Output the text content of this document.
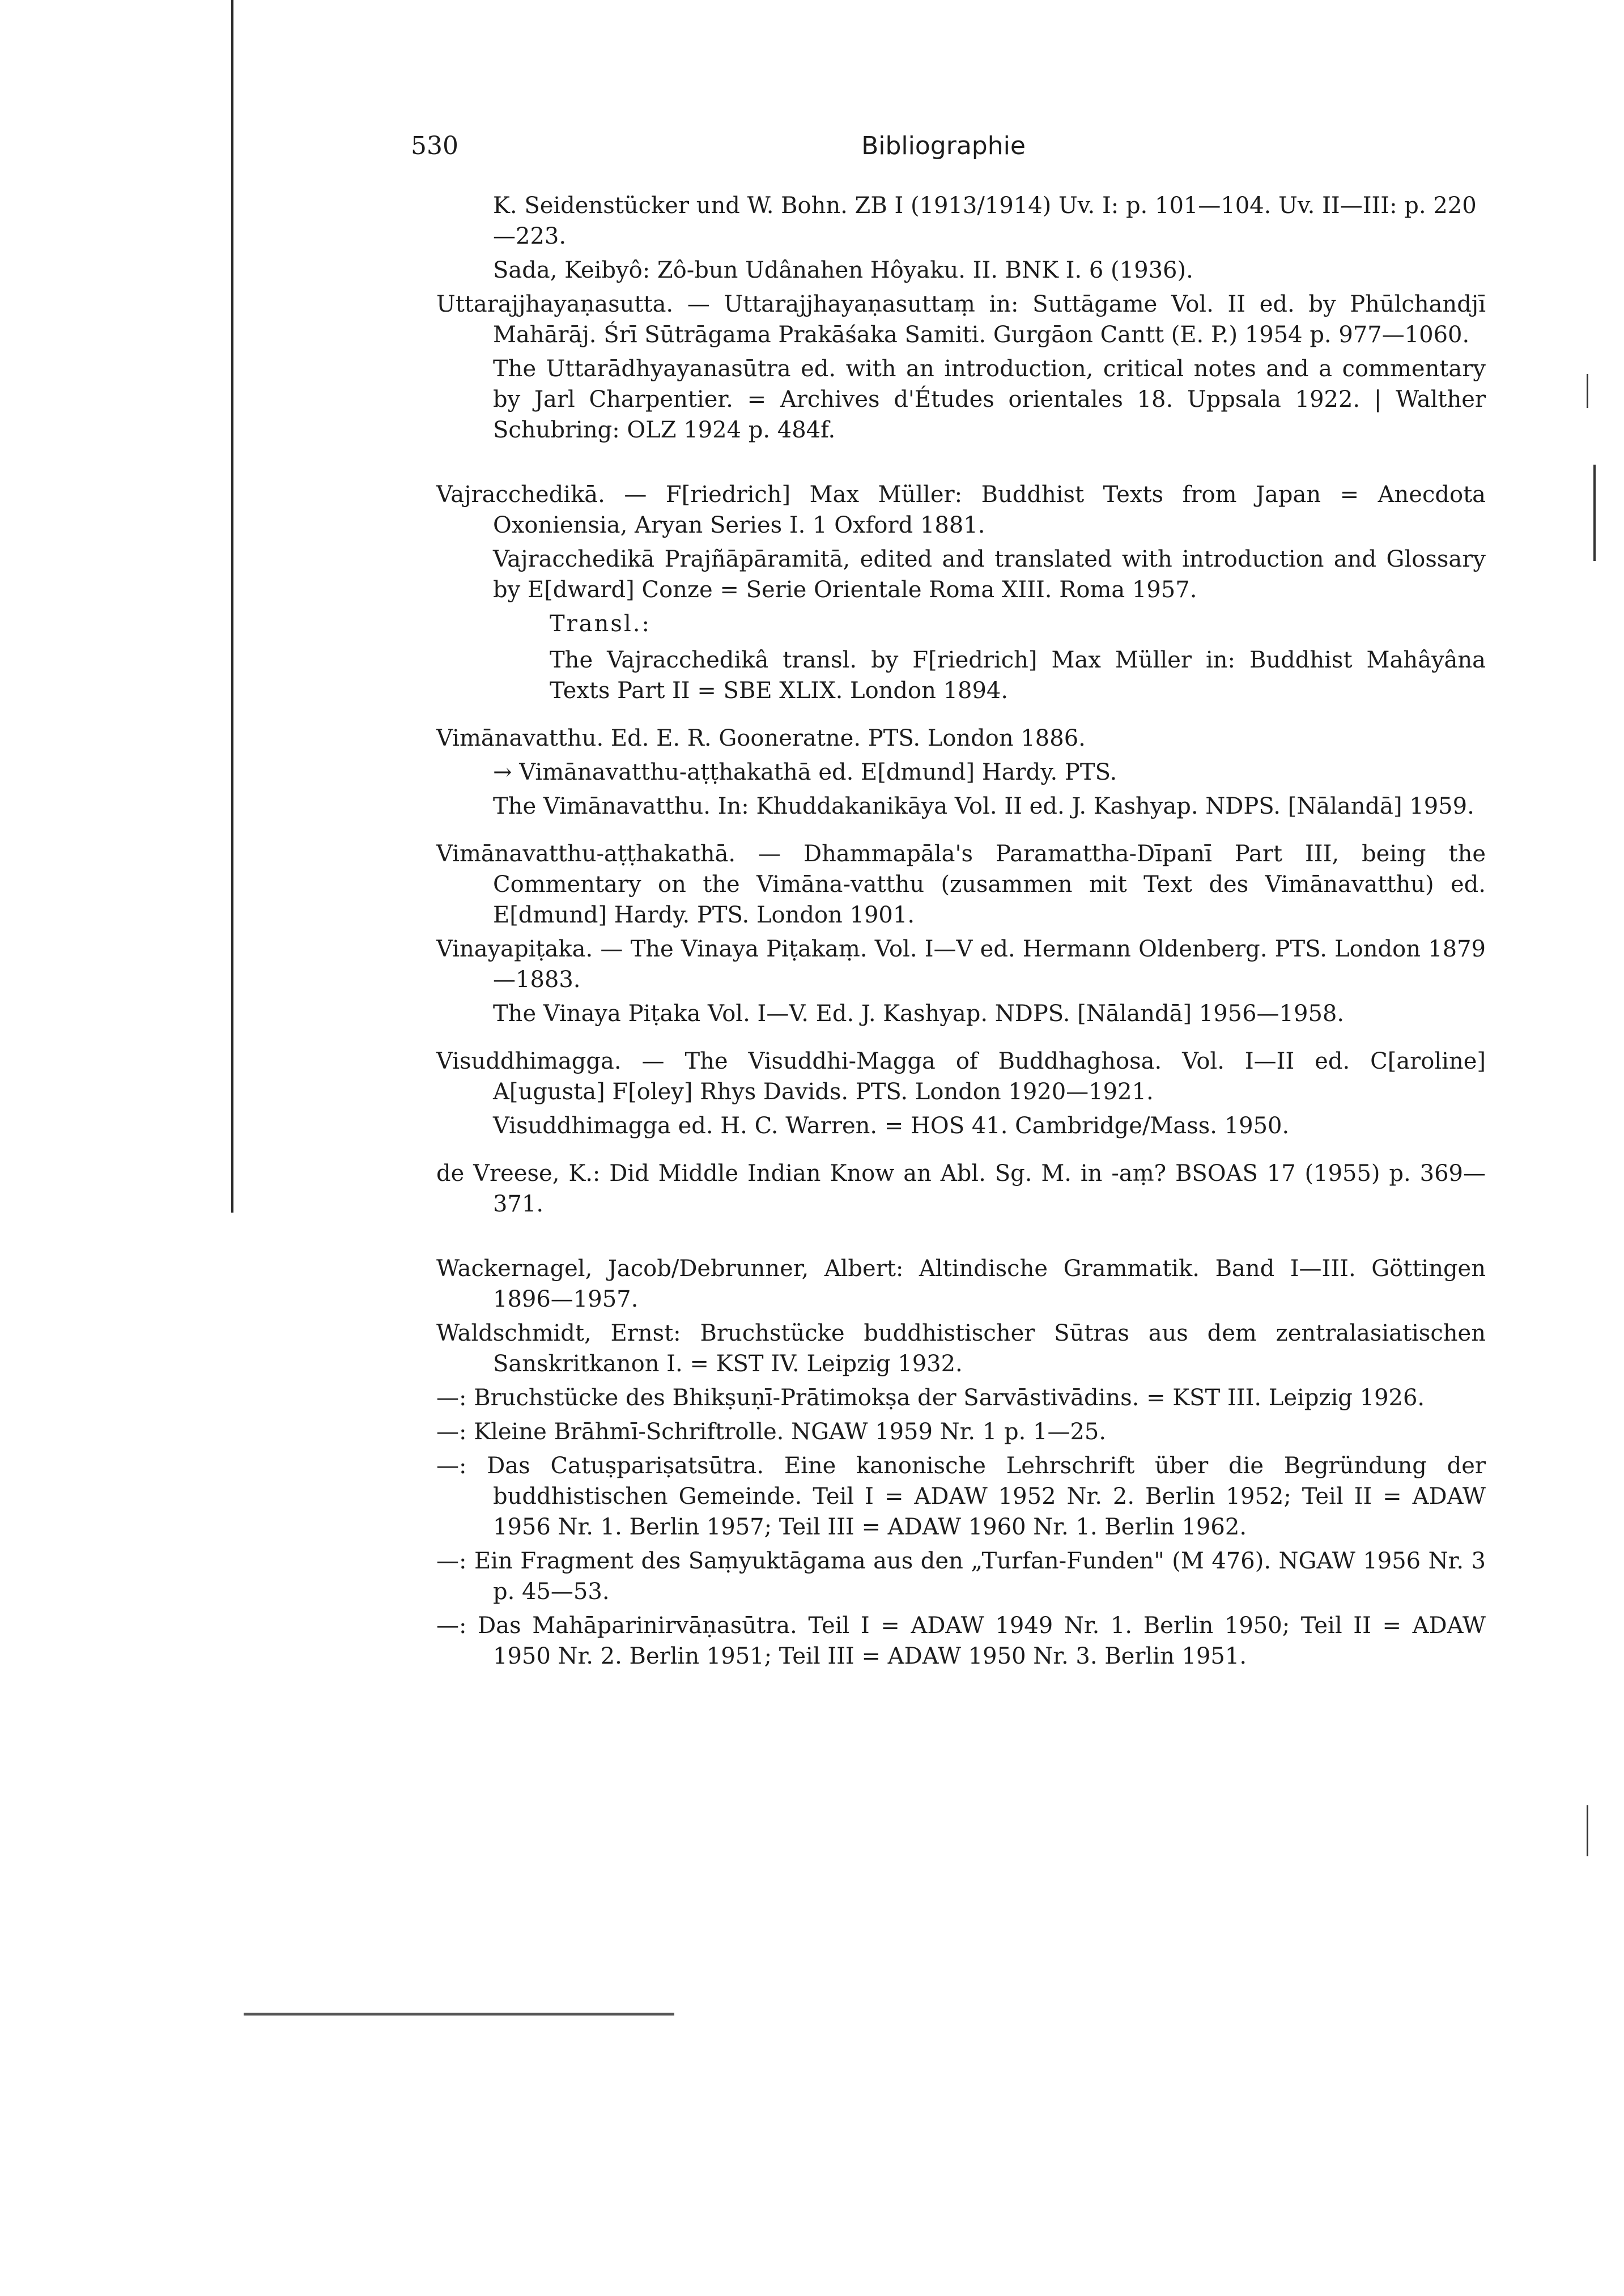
530	Bibliographie

K. Seidenstücker und W. Bohn. ZB I (1913/1914) Uv. I: p. 101—104. Uv. II—III: p. 220—223.

Sada, Keibyô: Zô-bun Udânahen Hôyaku. II. BNK I. 6 (1936).

Uttarajjhayaṇasutta. — Uttarajjhayaṇasuttaṃ in: Suttāgame Vol. II ed. by Phūlchandjī Mahārāj. Śrī Sūtrāgama Prakāśaka Samiti. Gurgāon Cantt (E. P.) 1954 p. 977—1060.

The Uttarādhyayanasūtra ed. with an introduction, critical notes and a commentary by Jarl Charpentier. = Archives d'Études orientales 18. Uppsala 1922. | Walther Schubring: OLZ 1924 p. 484f.

Vajracchedikā. — F[riedrich] Max Müller: Buddhist Texts from Japan = Anecdota Oxoniensia, Aryan Series I. 1 Oxford 1881.

Vajracchedikā Prajñāpāramitā, edited and translated with introduction and Glossary by E[dward] Conze = Serie Orientale Roma XIII. Roma 1957.

Transl.:

The Vajracchedikâ transl. by F[riedrich] Max Müller in: Buddhist Mahâyâna Texts Part II = SBE XLIX. London 1894.

Vimānavatthu. Ed. E. R. Gooneratne. PTS. London 1886.

→ Vimānavatthu-aṭṭhakathā ed. E[dmund] Hardy. PTS.

The Vimānavatthu. In: Khuddakanikāya Vol. II ed. J. Kashyap. NDPS. [Nālandā] 1959.

Vimānavatthu-aṭṭhakathā. — Dhammapāla's Paramattha-Dīpanī Part III, being the Commentary on the Vimāna-vatthu (zusammen mit Text des Vimānavatthu) ed. E[dmund] Hardy. PTS. London 1901.

Vinayapiṭaka. — The Vinaya Piṭakaṃ. Vol. I—V ed. Hermann Oldenberg. PTS. London 1879—1883.

The Vinaya Piṭaka Vol. I—V. Ed. J. Kashyap. NDPS. [Nālandā] 1956—1958.

Visuddhimagga. — The Visuddhi-Magga of Buddhaghosa. Vol. I—II ed. C[aroline] A[ugusta] F[oley] Rhys Davids. PTS. London 1920—1921.

Visuddhimagga ed. H. C. Warren. = HOS 41. Cambridge/Mass. 1950.

de Vreese, K.: Did Middle Indian Know an Abl. Sg. M. in -aṃ? BSOAS 17 (1955) p. 369—371.

Wackernagel, Jacob/Debrunner, Albert: Altindische Grammatik. Band I—III. Göttingen 1896—1957.

Waldschmidt, Ernst: Bruchstücke buddhistischer Sūtras aus dem zentralasiatischen Sanskritkanon I. = KST IV. Leipzig 1932.

—: Bruchstücke des Bhikṣuṇī-Prātimokṣa der Sarvāstivādins. = KST III. Leipzig 1926.

—: Kleine Brāhmī-Schriftrolle. NGAW 1959 Nr. 1 p. 1—25.

—: Das Catuṣpariṣatsūtra. Eine kanonische Lehrschrift über die Begründung der buddhistischen Gemeinde. Teil I = ADAW 1952 Nr. 2. Berlin 1952; Teil II = ADAW 1956 Nr. 1. Berlin 1957; Teil III = ADAW 1960 Nr. 1. Berlin 1962.

—: Ein Fragment des Saṃyuktāgama aus den „Turfan-Funden" (M 476). NGAW 1956 Nr. 3 p. 45—53.

—: Das Mahāparinirvāṇasūtra. Teil I = ADAW 1949 Nr. 1. Berlin 1950; Teil II = ADAW 1950 Nr. 2. Berlin 1951; Teil III = ADAW 1950 Nr. 3. Berlin 1951.
